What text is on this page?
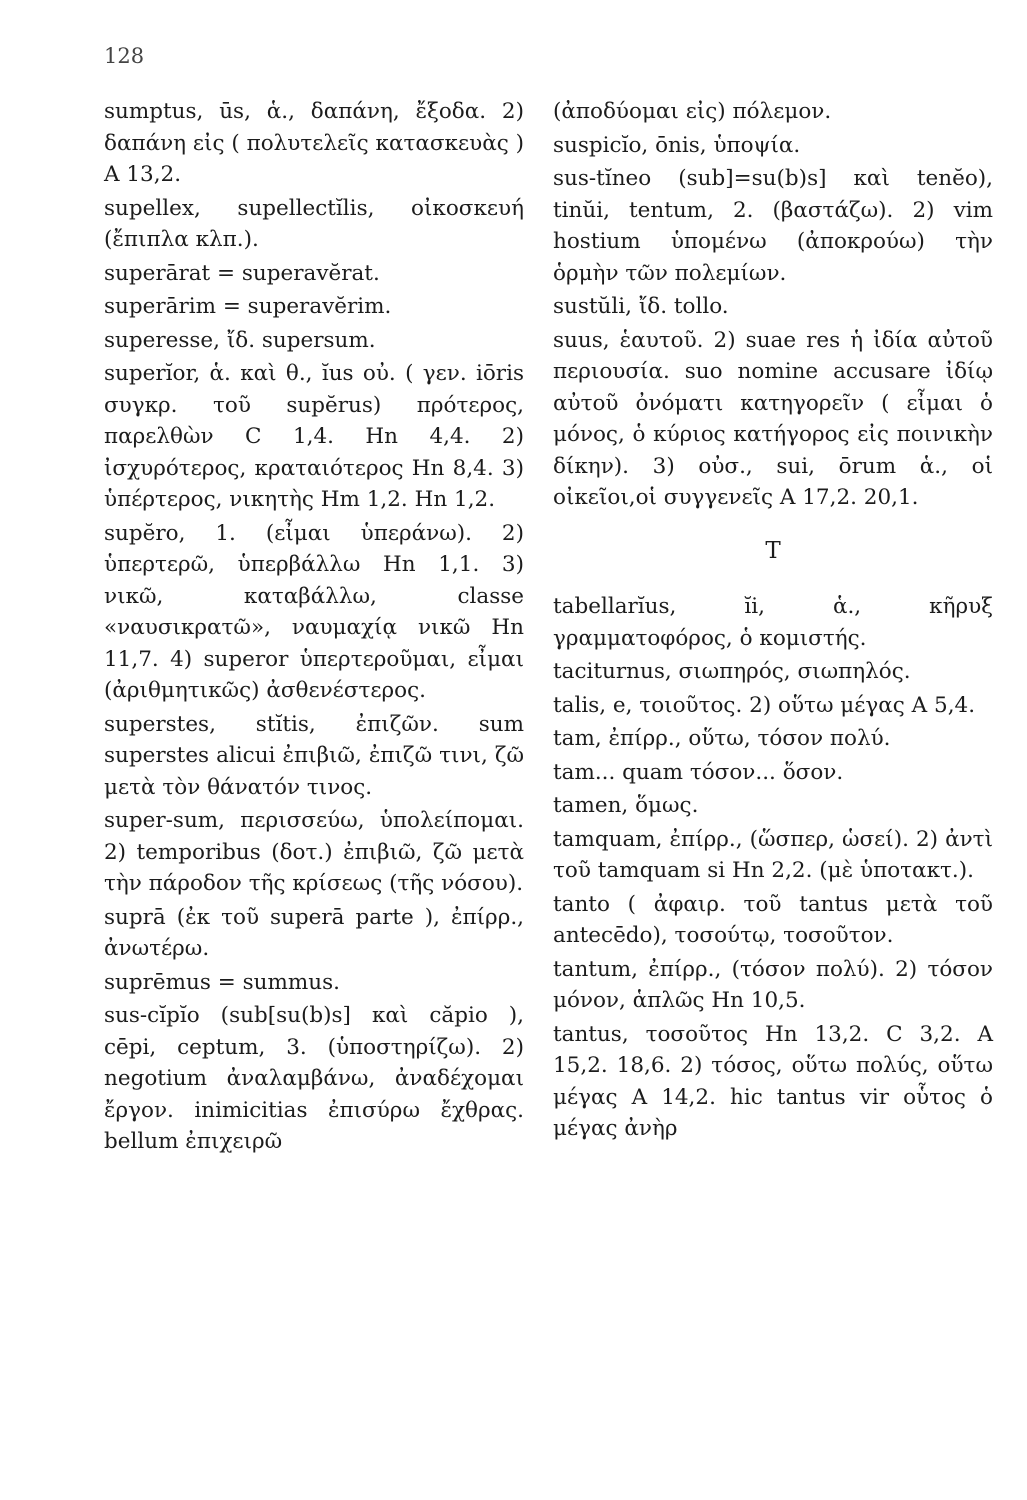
128

sumptus, ūs, ἁ., δαπάνη, ἔξοδα. 2) δαπάνη εἰς ( πολυτελεῖς κατασκευὰς ) A 13,2.

supellex, supellectĭlis, οἰκοσκευή (ἔπιπλα κλπ.).

superārat = superavĕrat.

superārim = superavĕrim.

superesse, ἴδ. supersum.

superĭor, ἁ. καὶ θ., ĭus οὐ. ( γεν. iōris συγκρ. τοῦ supĕrus) πρότερος, παρελθὼν C 1,4. Hn 4,4. 2) ἰσχυρότερος, κραταιότερος Hn 8,4. 3) ὑπέρτερος, νικητὴς Hm 1,2. Hn 1,2.

supĕro, 1. (εἶμαι ὑπεράνω). 2) ὑπερτερῶ, ὑπερβάλλω Hn 1,1. 3) νικῶ, καταβάλλω, classe «ναυσικρατῶ», ναυμαχίᾳ νικῶ Hn 11,7. 4) superor ὑπερτεροῦμαι, εἶμαι (ἀριθμητικῶς) ἀσθενέστερος.

superstes, stĭtis, ἐπιζῶν. sum superstes alicui ἐπιβιῶ, ἐπιζῶ τινι, ζῶ μετὰ τὸν θάνατόν τινος.

super-sum, περισσεύω, ὑπολείπομαι. 2) temporibus (δοτ.) ἐπιβιῶ, ζῶ μετὰ τὴν πάροδον τῆς κρίσεως (τῆς νόσου).

suprā (ἐκ τοῦ superā parte ), ἐπίρρ., ἀνωτέρω.

suprēmus = summus.

sus-cĭpĭo (sub[su(b)s] καὶ căpio ), cēpi, ceptum, 3. (ὑποστηρίζω). 2) negotium ἀναλαμβάνω, ἀναδέχομαι ἔργον. inimicitias ἐπισύρω ἔχθρας. bellum ἐπιχειρῶ

(ἀποδύομαι εἰς) πόλεμον.

suspicĭo, ōnis, ὑποψία.

sus-tĭneo (sub]=su(b)s] καὶ tenĕo), tinŭi, tentum, 2. (βαστάζω). 2) vim hostium ὑπομένω (ἀποκρούω) τὴν ὁρμὴν τῶν πολεμίων.

sustŭli, ἴδ. tollo.

suus, ἑαυτοῦ. 2) suae res ἡ ἰδία αὐτοῦ περιουσία. suo nomine accusare ἰδίῳ αὐτοῦ ὀνόματι κατηγορεῖν ( εἶμαι ὁ μόνος, ὁ κύριος κατήγορος εἰς ποινικὴν δίκην). 3) οὐσ., sui, ōrum ἁ., οἱ οἰκεῖοι,οἱ συγγενεῖς A 17,2. 20,1.

T

tabellarĭus, ĭi, ἁ., κῆρυξ γραμματοφόρος, ὁ κομιστής.

taciturnus, σιωπηρός, σιωπηλός.

talis, e, τοιοῦτος. 2) οὕτω μέγας A 5,4.

tam, ἐπίρρ., οὕτω, τόσον πολύ.

tam... quam τόσον... ὅσον.

tamen, ὅμως.

tamquam, ἐπίρρ., (ὥσπερ, ὡσεί). 2) ἀντὶ τοῦ tamquam si Hn 2,2. (μὲ ὑποτακτ.).

tanto ( ἀφαιρ. τοῦ tantus μετὰ τοῦ antecēdo), τοσούτῳ, τοσοῦτον.

tantum, ἐπίρρ., (τόσον πολύ). 2) τόσον μόνον, ἁπλῶς Hn 10,5.

tantus, τοσοῦτος Hn 13,2. C 3,2. A 15,2. 18,6. 2) τόσος, οὕτω πολύς, οὕτω μέγας A 14,2. hic tantus vir οὗτος ὁ μέγας ἀνὴρ
